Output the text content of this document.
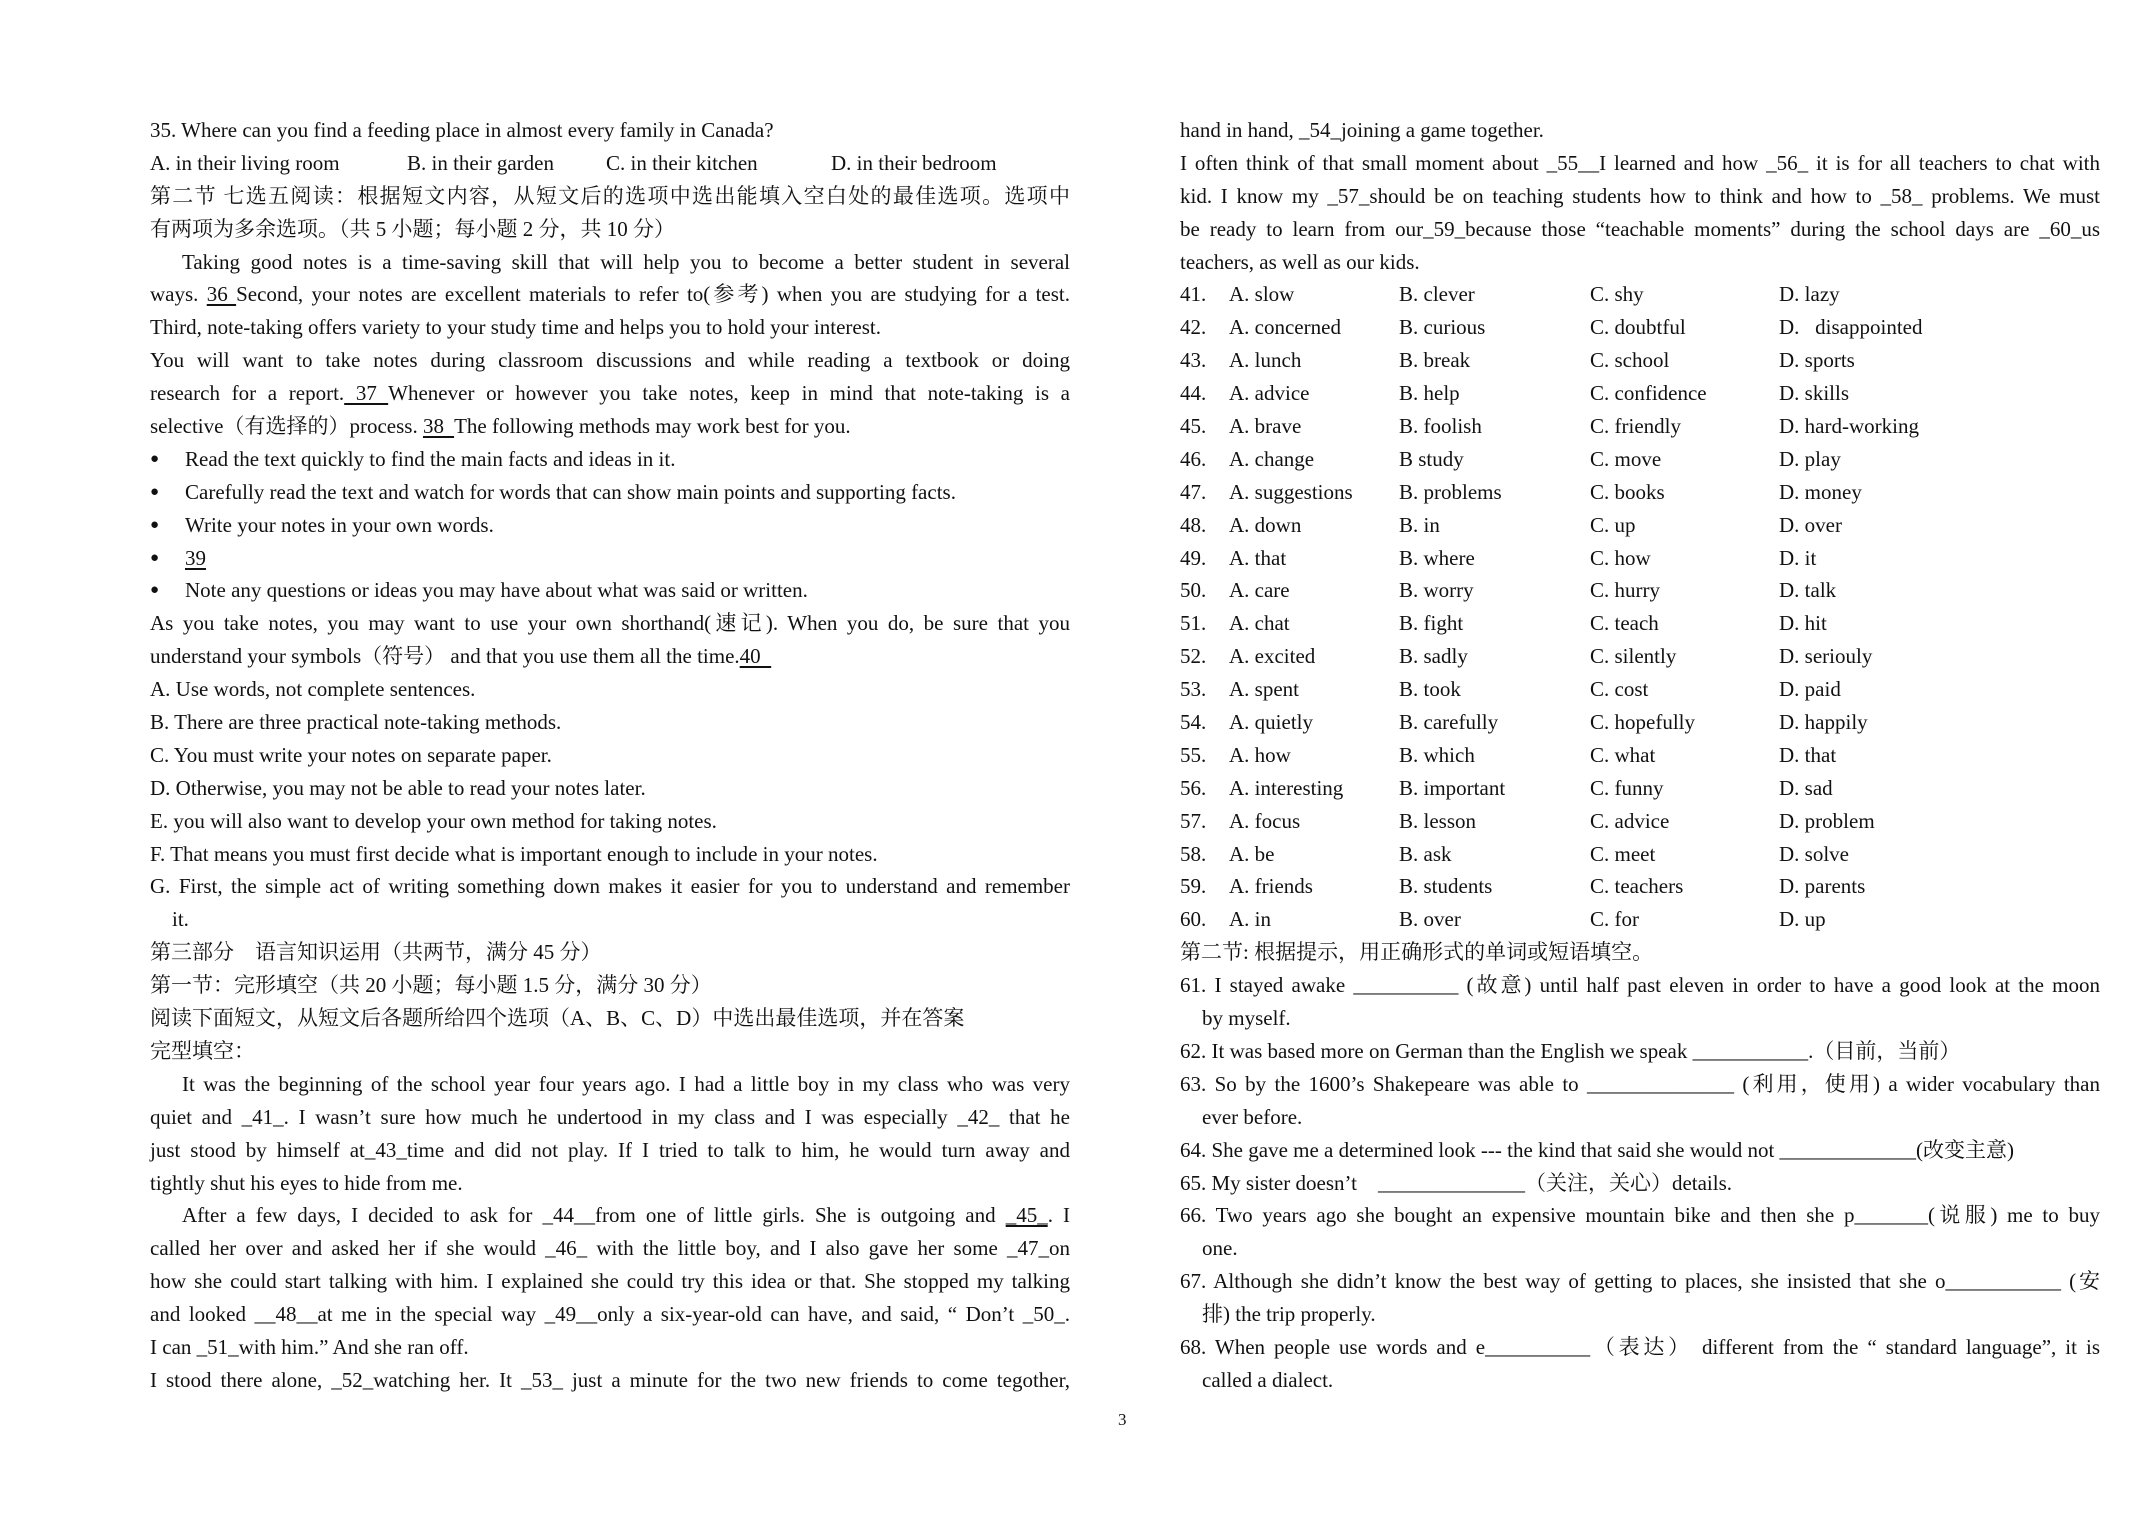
35. Where can you find a feeding place in almost every family in Canada?
A. in their living room	B. in their garden C. in their kitchen	D. in their bedroom
第二节 七选五阅读：根据短文内容，从短文后的选项中选出能填入空白处的最佳选项。选项中
有两项为多余选项。（共 5 小题；每小题 2 分，共 10 分）
Taking good notes is a time-saving skill that will help you to become a better student in several
ways. 36 Second, your notes are excellent materials to refer to(参考) when you are studying for a test.
Third, note-taking offers variety to your study time and helps you to hold your interest.
You will want to take notes during classroom discussions and while reading a textbook or doing
research for a report. 37 Whenever or however you take notes, keep in mind that note-taking is a
selective（有选择的）process. 38  The following methods may work best for you.
● Read the text quickly to find the main facts and ideas in it.
● Carefully read the text and watch for words that can show main points and supporting facts.
● Write your notes in your own words.
● 39
● Note any questions or ideas you may have about what was said or written.
As you take notes, you may want to use your own shorthand(速记). When you do, be sure that you
understand your symbols（符号） and that you use them all the time.40
A. Use words, not complete sentences.
B. There are three practical note-taking methods.
C. You must write your notes on separate paper.
D. Otherwise, you may not be able to read your notes later.
E. you will also want to develop your own method for taking notes.
F. That means you must first decide what is important enough to include in your notes.
G. First, the simple act of writing something down makes it easier for you to understand and remember
it.
第三部分　语言知识运用（共两节，满分 45 分）
第一节：完形填空（共 20 小题；每小题 1.5 分，满分 30 分）
阅读下面短文，从短文后各题所给四个选项（A、B、C、D）中选出最佳选项，并在答案
完型填空：
It was the beginning of the school year four years ago. I had a little boy in my class who was very
quiet and _41_. I wasn’t sure how much he undertood in my class and I was especially _42_ that he
just stood by himself at_43_time and did not play. If I tried to talk to him, he would turn away and
tightly shut his eyes to hide from me.
After a few days, I decided to ask for _44__from one of little girls. She is outgoing and _45_. I
called her over and asked her if she would _46_ with the little boy, and I also gave her some _47_on
how she could start talking with him. I explained she could try this idea or that. She stopped my talking
and looked __48__at me in the special way _49__only a six-year-old can have, and said, “ Don’t _50_.
I can _51_with him.” And she ran off.
I stood there alone, _52_watching her. It _53_ just a minute for the two new friends to come tegother,
hand in hand, _54_joining a game together.
I often think of that small moment about _55__I learned and how _56_ it is for all teachers to chat with
kid. I know my _57_should be on teaching students how to think and how to _58_ problems. We must
be ready to learn from our_59_because those “teachable moments” during the school days are _60_us
teachers, as well as our kids.
41. A. slow	B. clever	C. shy	D. lazy
42. A. concerned	B. curious	C. doubtful	D.   disappointed
43. A. lunch	B. break	C. school	D. sports
44. A. advice	B. help	C. confidence	D. skills
45. A. brave	B. foolish	C. friendly	D. hard-working
46. A. change	B study	C. move	D. play
47. A. suggestions B. problems	C. books	D. money
48. A. down	B. in	C. up	D. over
49. A. that	B. where	C. how	D. it
50. A. care	B. worry	C. hurry	D. talk
51. A. chat	B. fight	C. teach	D. hit
52. A. excited	B. sadly	C. silently	D. seriouly
53. A. spent	B. took	C. cost	D. paid
54. A. quietly	B. carefully	C. hopefully	D. happily
55. A. how	B. which	C. what	D. that
56. A. interesting	B. important	C. funny	D. sad
57. A. focus	B. lesson	C. advice	D. problem
58. A. be	B. ask	C. meet	D. solve
59. A. friends	B. students	C. teachers	D. parents
60. A. in	B. over	C. for	D. up
第二节: 根据提示，用正确形式的单词或短语填空。
61. I stayed awake __________ (故意) until half past eleven in order to have a good look at the moon
by myself.
62. It was based more on German than the English we speak ___________.（目前，当前）
63. So by the 1600’s Shakepeare was able to ______________ (利用，使用) a wider vocabulary than
ever before.
64. She gave me a determined look --- the kind that said she would not _____________(改变主意)
65. My sister doesn’t    ______________（关注，关心）details.
66. Two years ago she bought an expensive mountain bike and then she p_______(说服) me to buy
one.
67. Although she didn’t know the best way of getting to places, she insisted that she o___________ (安
排) the trip properly.
68. When people use words and e__________（表达） different from the “ standard language”, it is
called a dialect.
3
